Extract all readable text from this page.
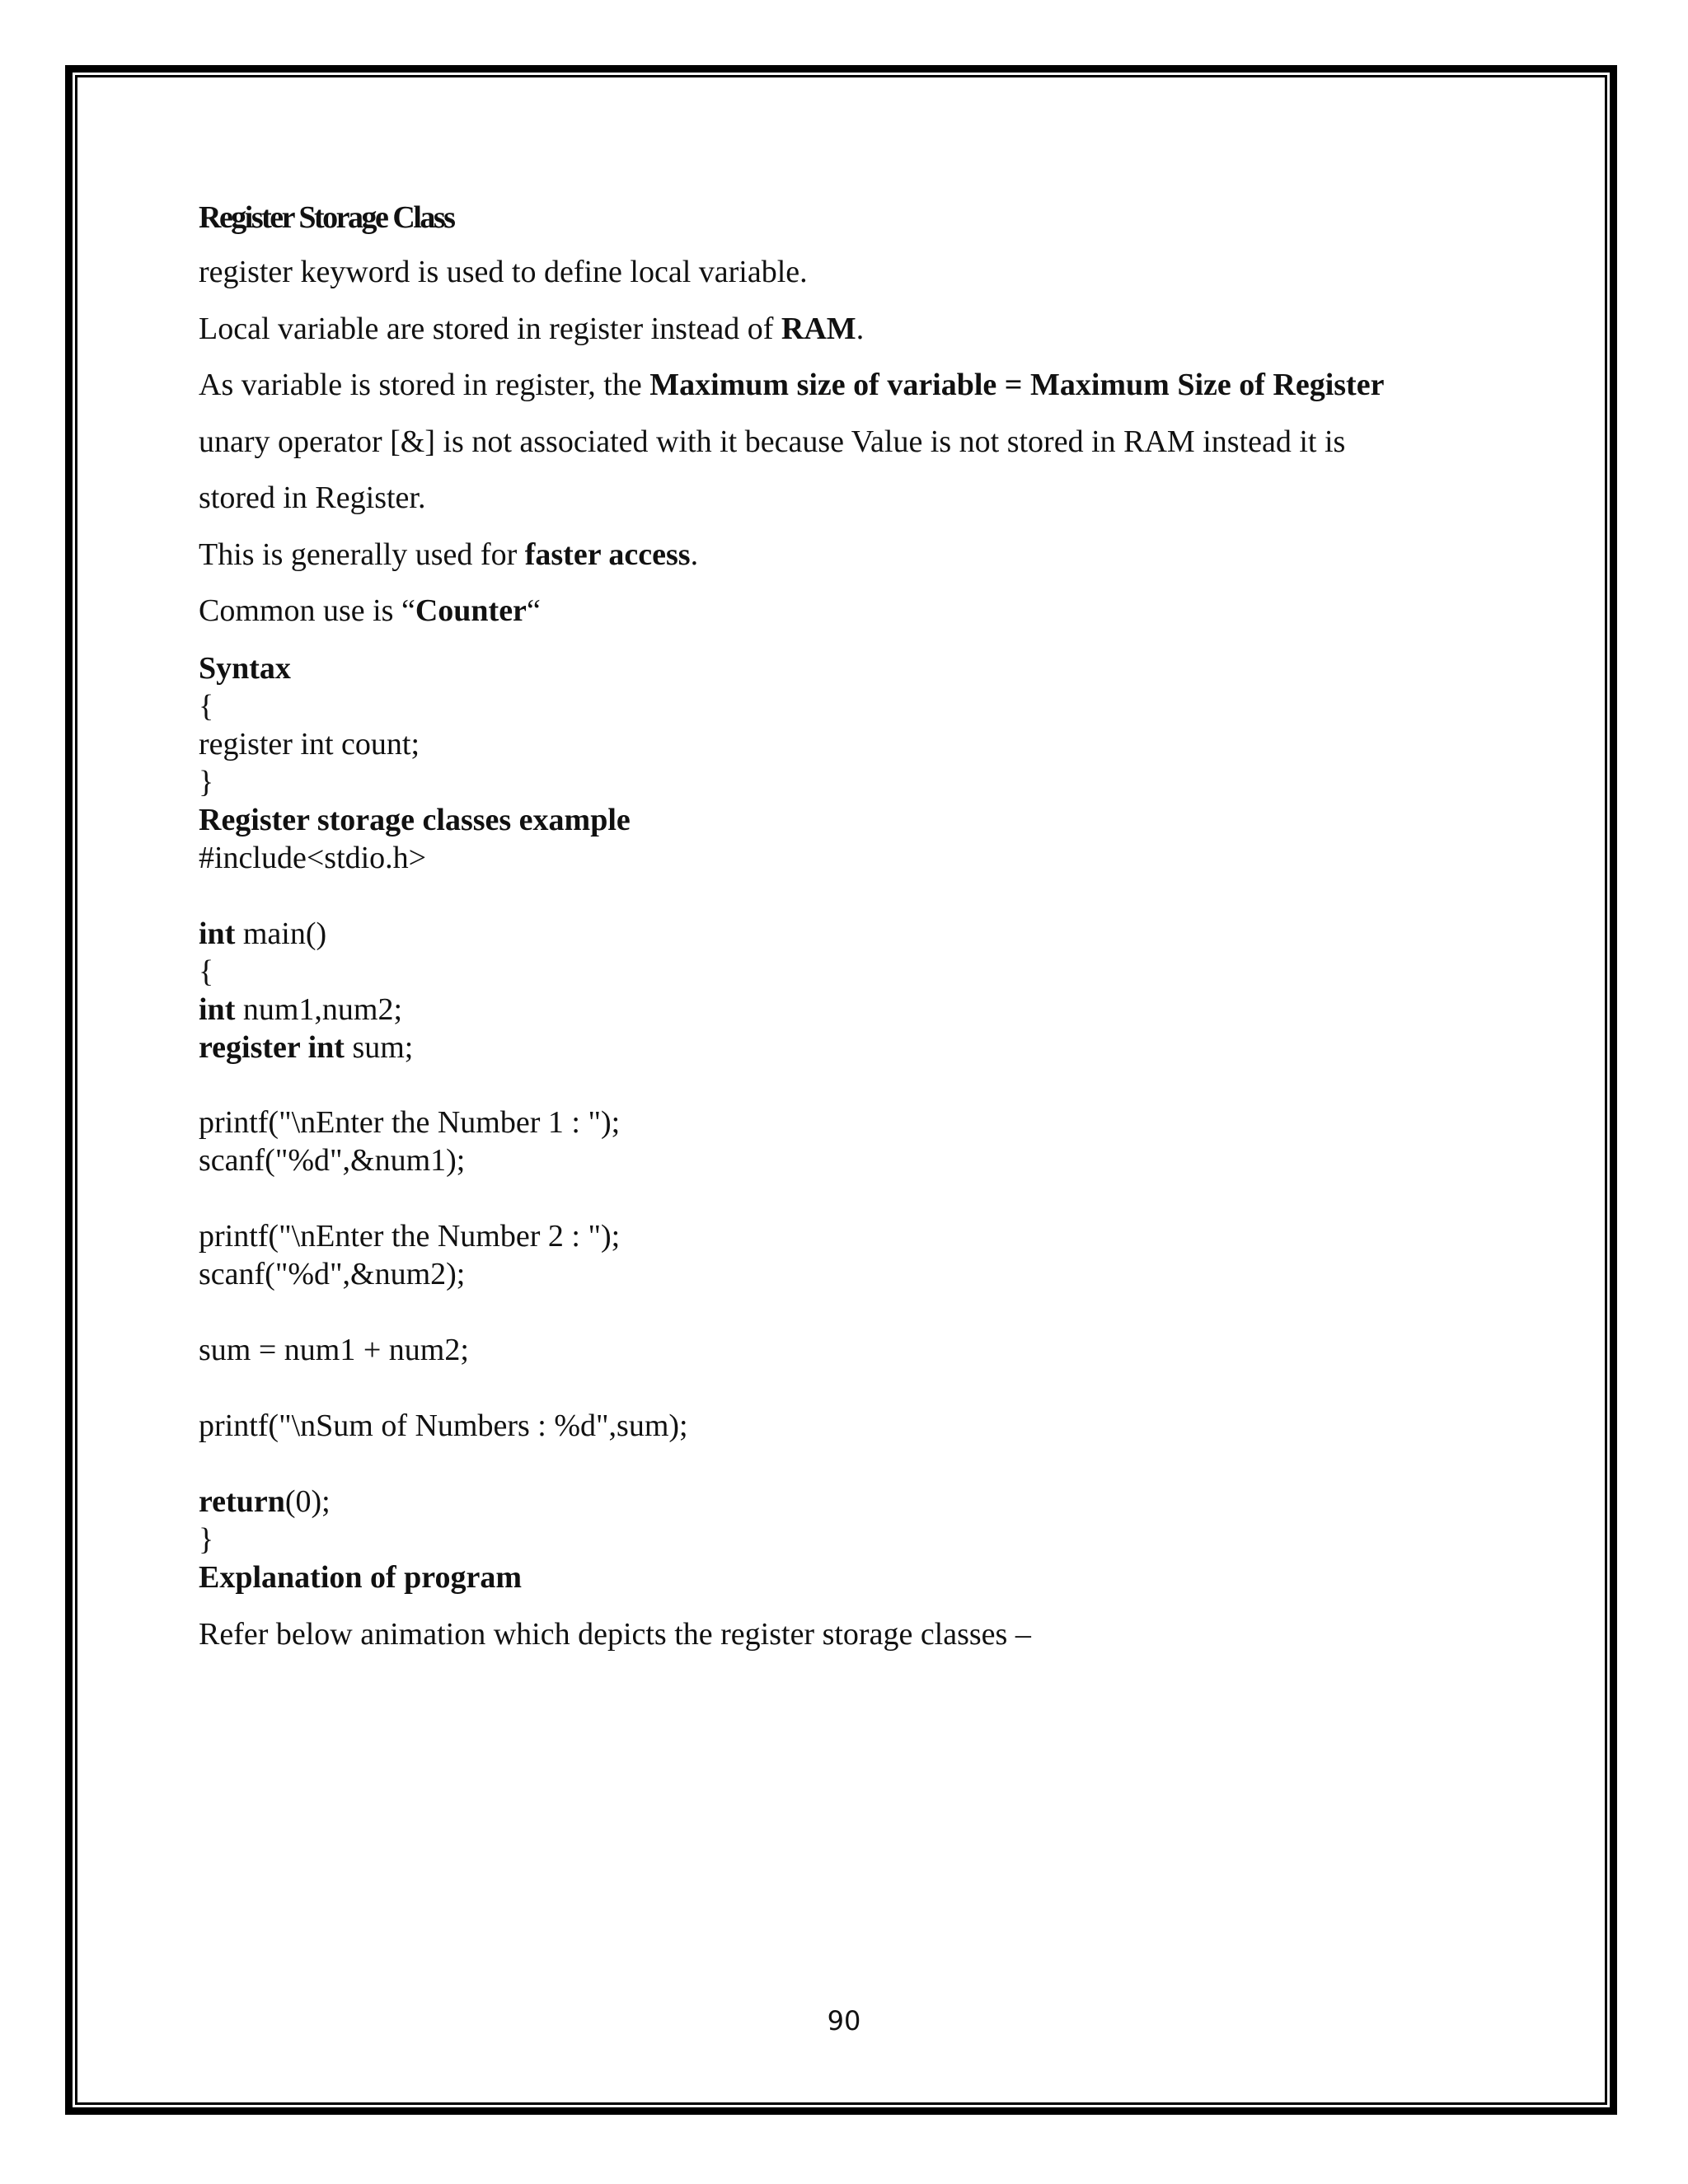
Register Storage Class
register keyword is used to define local variable.
Local variable are stored in register instead of RAM.
As variable is stored in register, the Maximum size of variable = Maximum Size of Register
unary operator [&] is not associated with it because Value is not stored in RAM instead it is
stored in Register.
This is generally used for faster access.
Common use is “Counter“
Syntax
{
register int count;
}
Register storage classes example
#include<stdio.h>
int main()
{
int num1,num2;
register int sum;
printf("\nEnter the Number 1 : ");
scanf("%d",&num1);
printf("\nEnter the Number 2 : ");
scanf("%d",&num2);
sum = num1 + num2;
printf("\nSum of Numbers : %d",sum);
return(0);
}
Explanation of program
Refer below animation which depicts the register storage classes –
90
